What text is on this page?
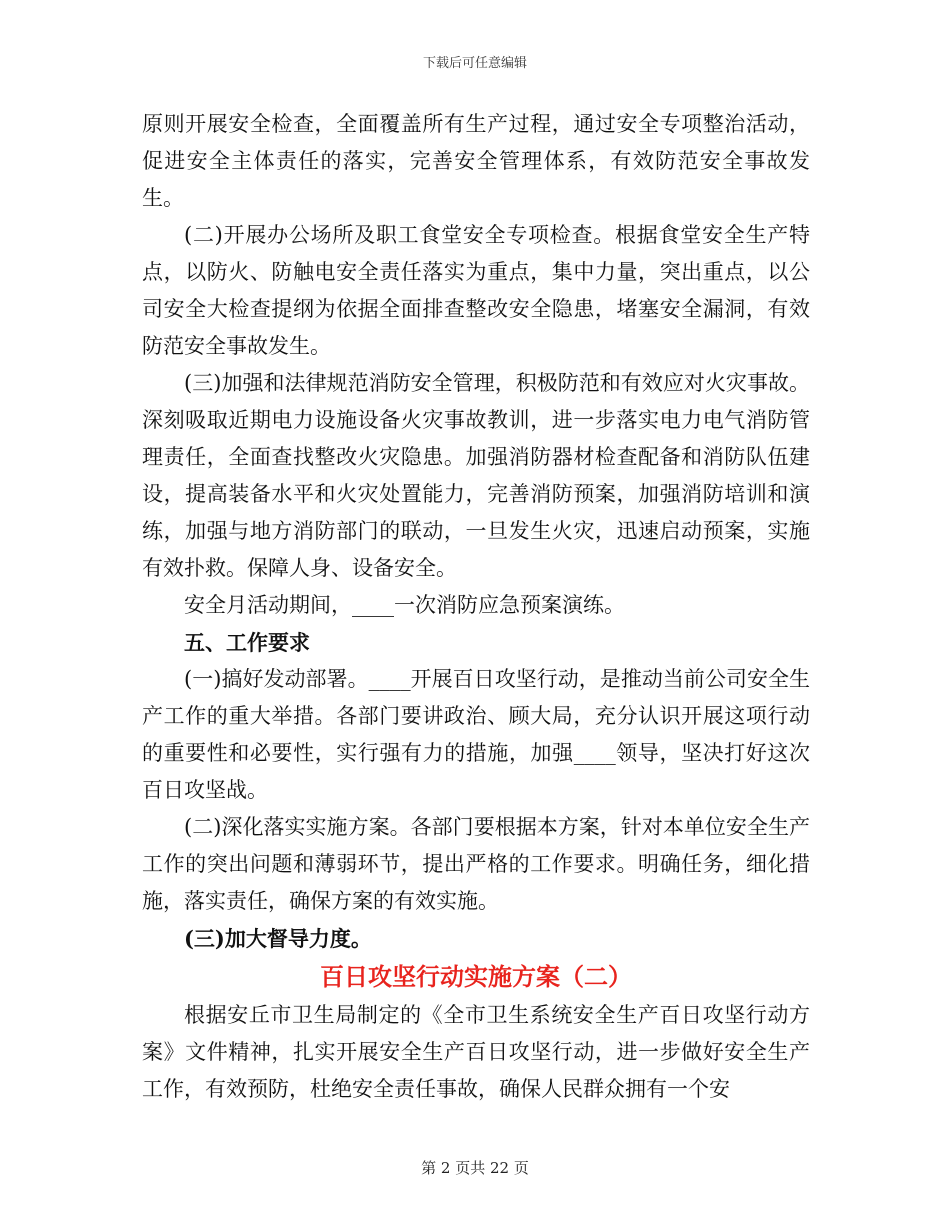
下载后可任意编辑

原则开展安全检查，全面覆盖所有生产过程，通过安全专项整治活动，促进安全主体责任的落实，完善安全管理体系，有效防范安全事故发生。

(二)开展办公场所及职工食堂安全专项检查。根据食堂安全生产特点，以防火、防触电安全责任落实为重点，集中力量，突出重点，以公司安全大检查提纲为依据全面排查整改安全隐患，堵塞安全漏洞，有效防范安全事故发生。

(三)加强和法律规范消防安全管理，积极防范和有效应对火灾事故。深刻吸取近期电力设施设备火灾事故教训，进一步落实电力电气消防管理责任，全面查找整改火灾隐患。加强消防器材检查配备和消防队伍建设，提高装备水平和火灾处置能力，完善消防预案，加强消防培训和演练，加强与地方消防部门的联动，一旦发生火灾，迅速启动预案，实施有效扑救。保障人身、设备安全。

安全月活动期间，____一次消防应急预案演练。

五、工作要求

(一)搞好发动部署。____开展百日攻坚行动，是推动当前公司安全生产工作的重大举措。各部门要讲政治、顾大局，充分认识开展这项行动的重要性和必要性，实行强有力的措施，加强____领导，坚决打好这次百日攻坚战。

(二)深化落实实施方案。各部门要根据本方案，针对本单位安全生产工作的突出问题和薄弱环节，提出严格的工作要求。明确任务，细化措施，落实责任，确保方案的有效实施。

(三)加大督导力度。

百日攻坚行动实施方案（二）

根据安丘市卫生局制定的《全市卫生系统安全生产百日攻坚行动方案》文件精神，扎实开展安全生产百日攻坚行动，进一步做好安全生产工作，有效预防，杜绝安全责任事故，确保人民群众拥有一个安

第 2 页共 22 页
